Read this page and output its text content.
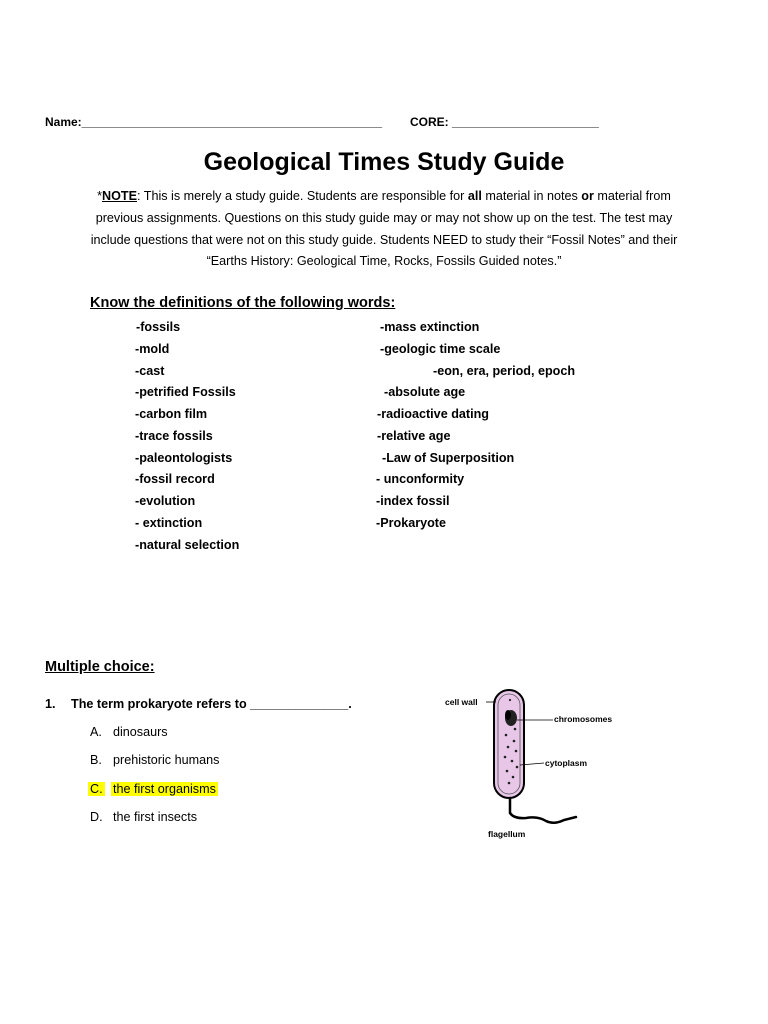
Name:_____________________________________________ CORE: ______________________
Geological Times Study Guide
*NOTE: This is merely a study guide. Students are responsible for all material in notes or material from previous assignments. Questions on this study guide may or may not show up on the test. The test may include questions that were not on this study guide. Students NEED to study their “Fossil Notes” and their “Earths History: Geological Time, Rocks, Fossils Guided notes.”
Know the definitions of the following words:
-fossils
-mold
-cast
-petrified Fossils
-carbon film
-trace fossils
-paleontologists
-fossil record
-evolution
- extinction
-natural selection
-mass extinction
-geologic time scale
-eon, era, period, epoch
-absolute age
-radioactive dating
-relative age
-Law of Superposition
- unconformity
-index fossil
-Prokaryote
Multiple choice:
1. The term prokaryote refers to ______________.
A. dinosaurs
B. prehistoric humans
C. the first organisms
D. the first insects
cell wall
chromosomes
cytoplasm
flagellum
